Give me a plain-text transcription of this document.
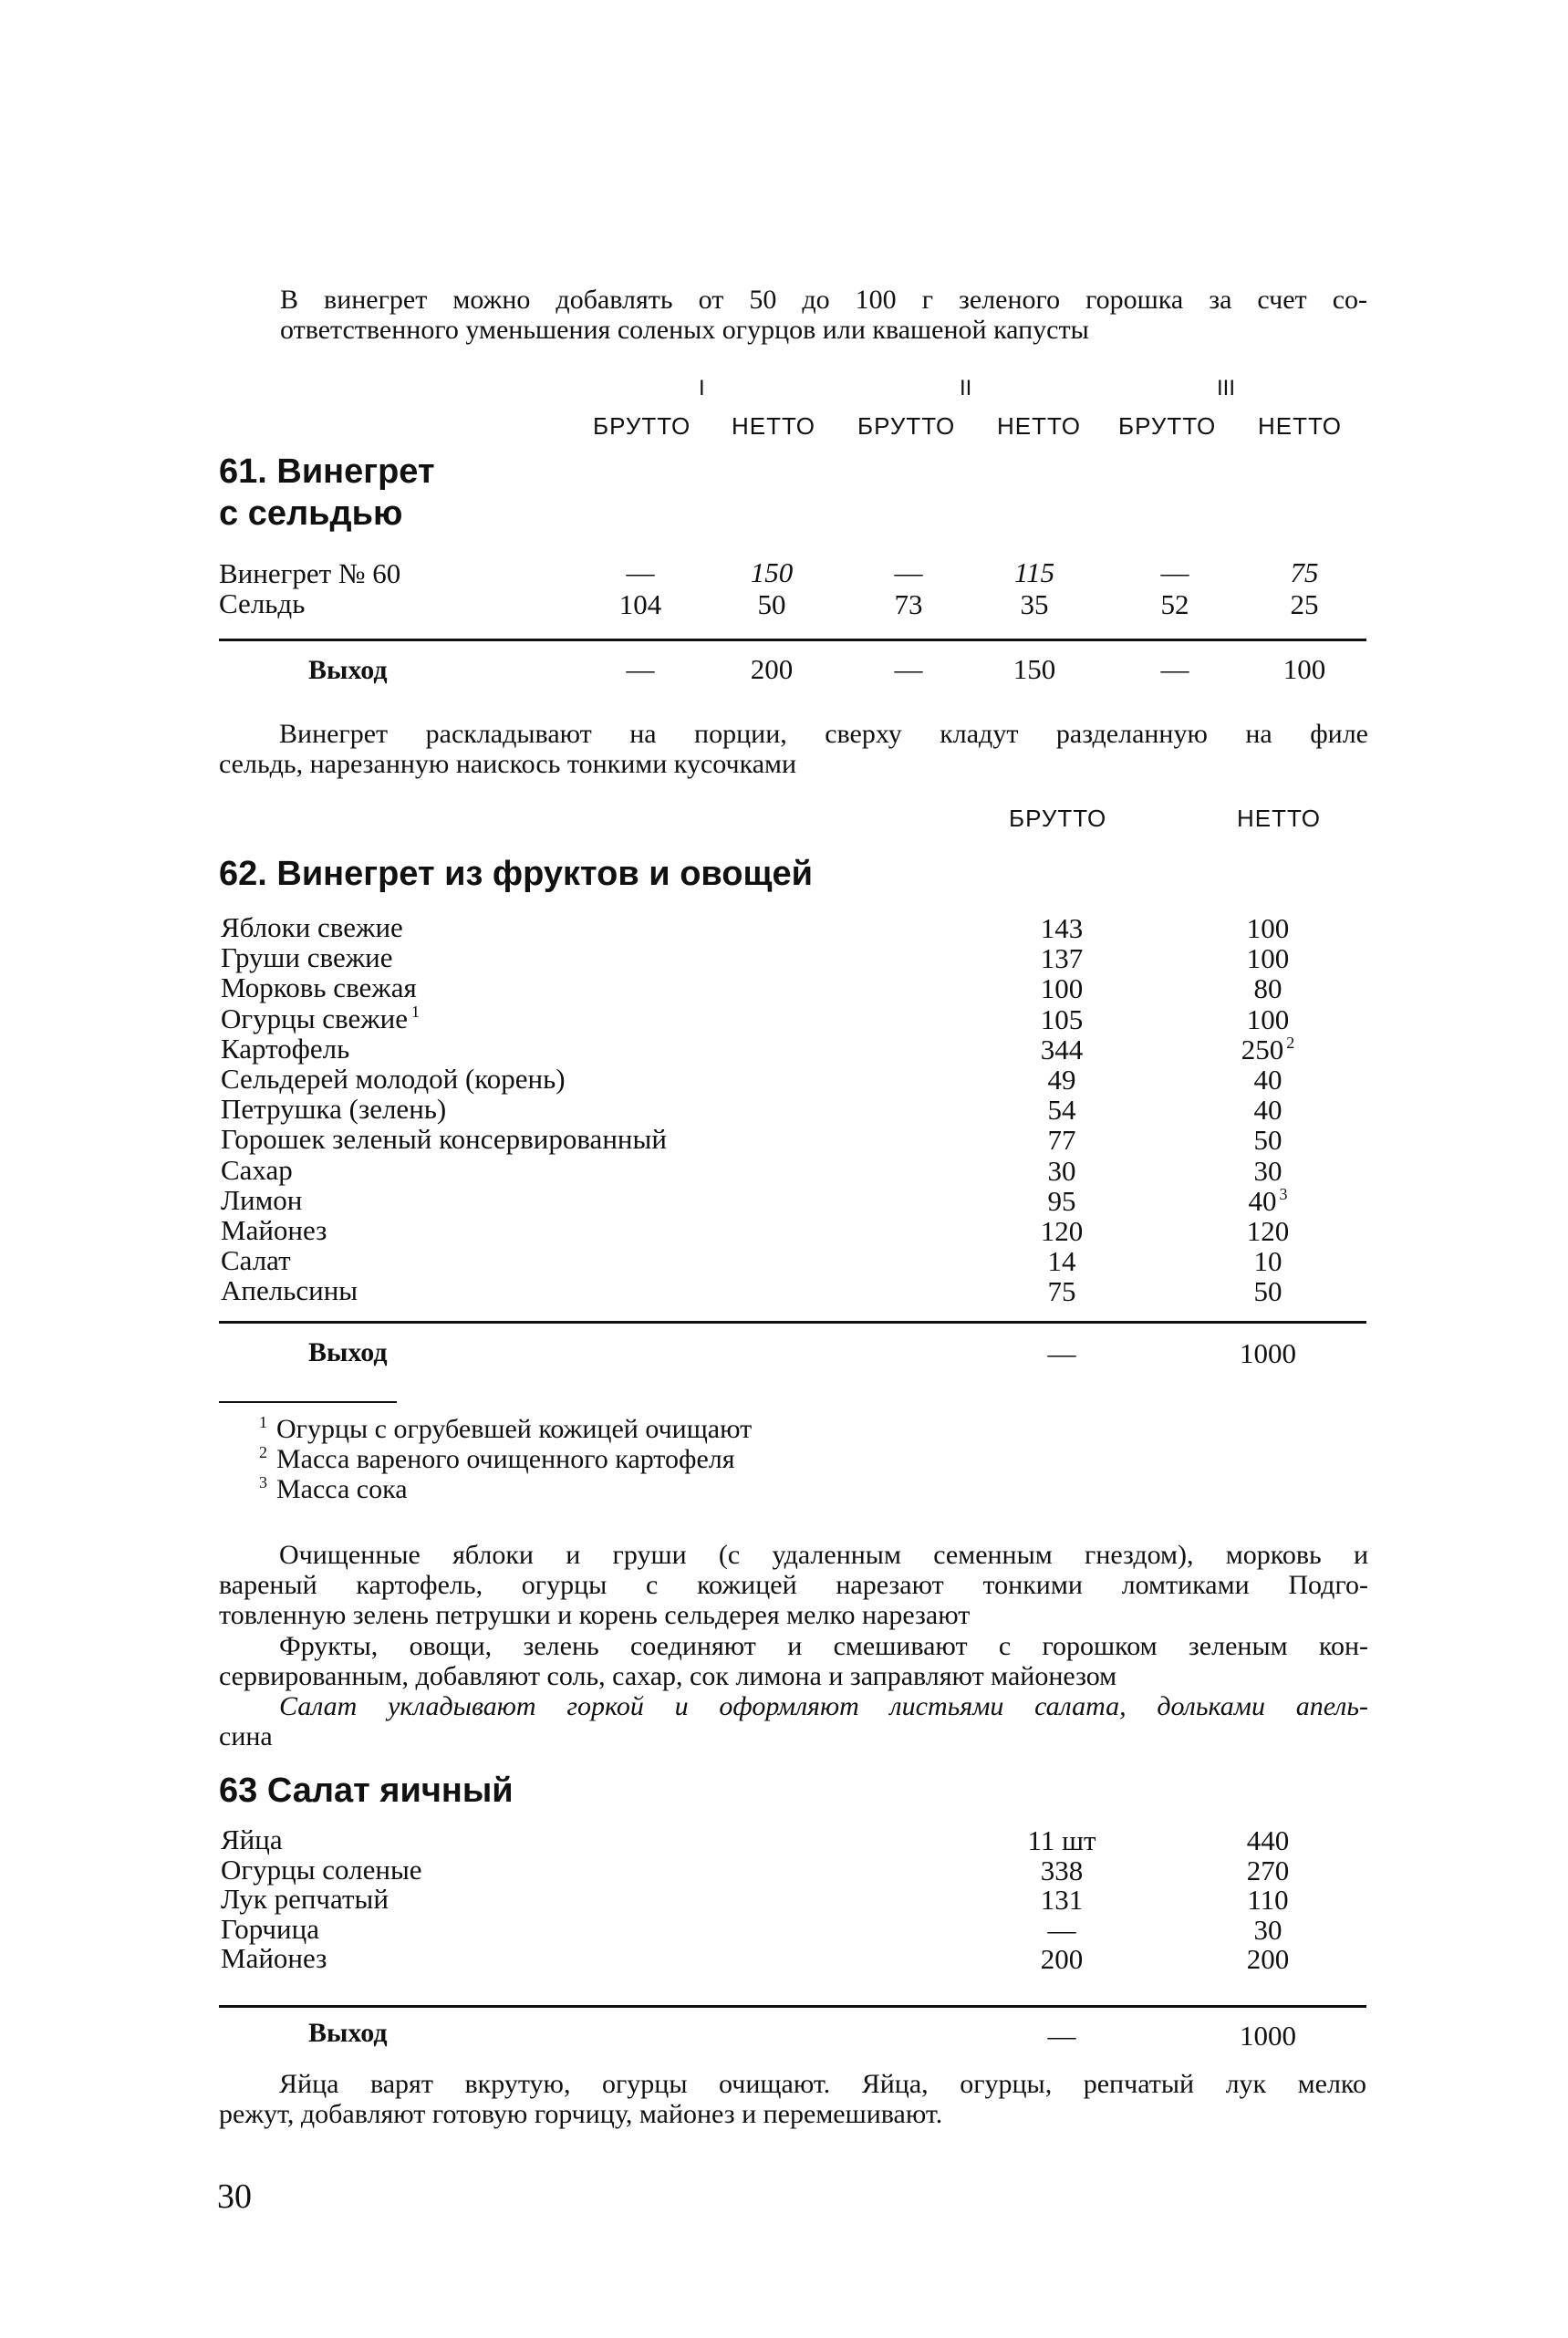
В винегрет можно добавлять от 50 до 100 г зеленого горошка за счет со-
ответственного уменьшения соленых огурцов или квашеной капусты
I	II	III
БРУТТО НЕТТО БРУТТО НЕТТО БРУТТО НЕТТО
61. Винегрет
с сельдью
Винегрет № 60	—	150	—	115	—	75
Сельдь	104	50	73	35	52	25
Выход	—	200	—	150	—	100
Винегрет раскладывают на порции, сверху кладут разделанную на филе
сельдь, нарезанную наискось тонкими кусочками
БРУТТО	НЕТТО
62. Винегрет из фруктов и овощей
Яблоки свежие	143	100
Груши свежие	137	100
Морковь свежая	100	80
Огурцы свежие $^1$	105	100
Картофель	344	250 $^2$
Сельдерей молодой (корень)	49	40
Петрушка (зелень)	54	40
Горошек зеленый консервированный	77	50
Сахар	30	30
Лимон	95	40 $^3$
Майонез	120	120
Салат	14	10
Апельсины	75	50
Выход	—	1000
$^1$ Огурцы с огрубевшей кожицей очищают
$^2$ Масса вареного очищенного картофеля
$^3$ Масса сока
Очищенные яблоки и груши (с удаленным семенным гнездом), морковь и
вареный картофель, огурцы с кожицей нарезают тонкими ломтиками Подго-
товленную зелень петрушки и корень сельдерея мелко нарезают
Фрукты, овощи, зелень соединяют и смешивают с горошком зеленым кон-
сервированным, добавляют соль, сахар, сок лимона и заправляют майонезом
Салат укладывают горкой и оформляют листьями салата, дольками апель-
сина
63 Салат яичный
Яйца	11 шт	440
Огурцы соленые	338	270
Лук репчатый	131	110
Горчица	—	30
Майонез	200	200
Выход	—	1000
Яйца варят вкрутую, огурцы очищают. Яйца, огурцы, репчатый лук мелко
режут, добавляют готовую горчицу, майонез и перемешивают.
30
